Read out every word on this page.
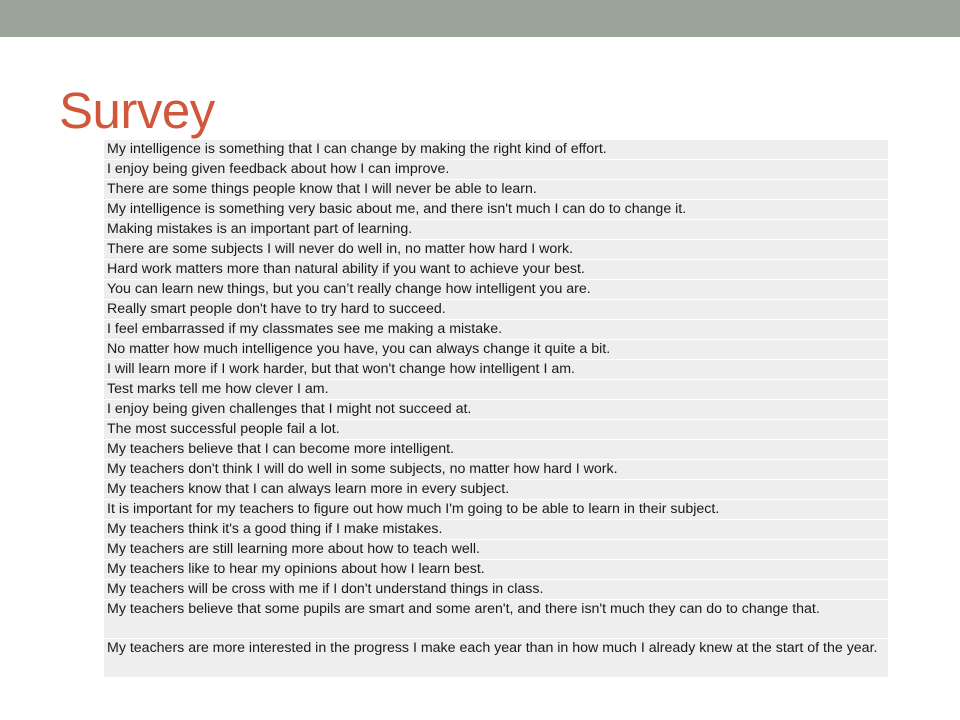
Survey
My intelligence is something that I can change by making the right kind of effort.
I enjoy being given feedback about how I can improve.
There are some things people know that I will never be able to learn.
My intelligence is something very basic about me, and there isn't much I can do to change it.
Making mistakes is an important part of learning.
There are some subjects I will never do well in, no matter how hard I work.
Hard work matters more than natural ability if you want to achieve your best.
You can learn new things, but you can’t really change how intelligent you are.
Really smart people don't have to try hard to succeed.
I feel embarrassed if my classmates see me making a mistake.
No matter how much intelligence you have, you can always change it quite a bit.
I will learn more if I work harder, but that won't change how intelligent I am.
Test marks tell me how clever I am.
I enjoy being given challenges that I might not succeed at.
The most successful people fail a lot.
My teachers believe that I can become more intelligent.
My teachers don't think I will do well in some subjects, no matter how hard I work.
My teachers know that I can always learn more in every subject.
It is important for my teachers to figure out how much I'm going to be able to learn in their subject.
My teachers think it's a good thing if I make mistakes.
My teachers are still learning more about how to teach well.
My teachers like to hear my opinions about how I learn best.
My teachers will be cross with me if I don't understand things in class.
My teachers believe that some pupils are smart and some aren't, and there isn't much they can do to change that.
My teachers are more interested in the progress I make each year than in how much I already knew at the start of the year.
